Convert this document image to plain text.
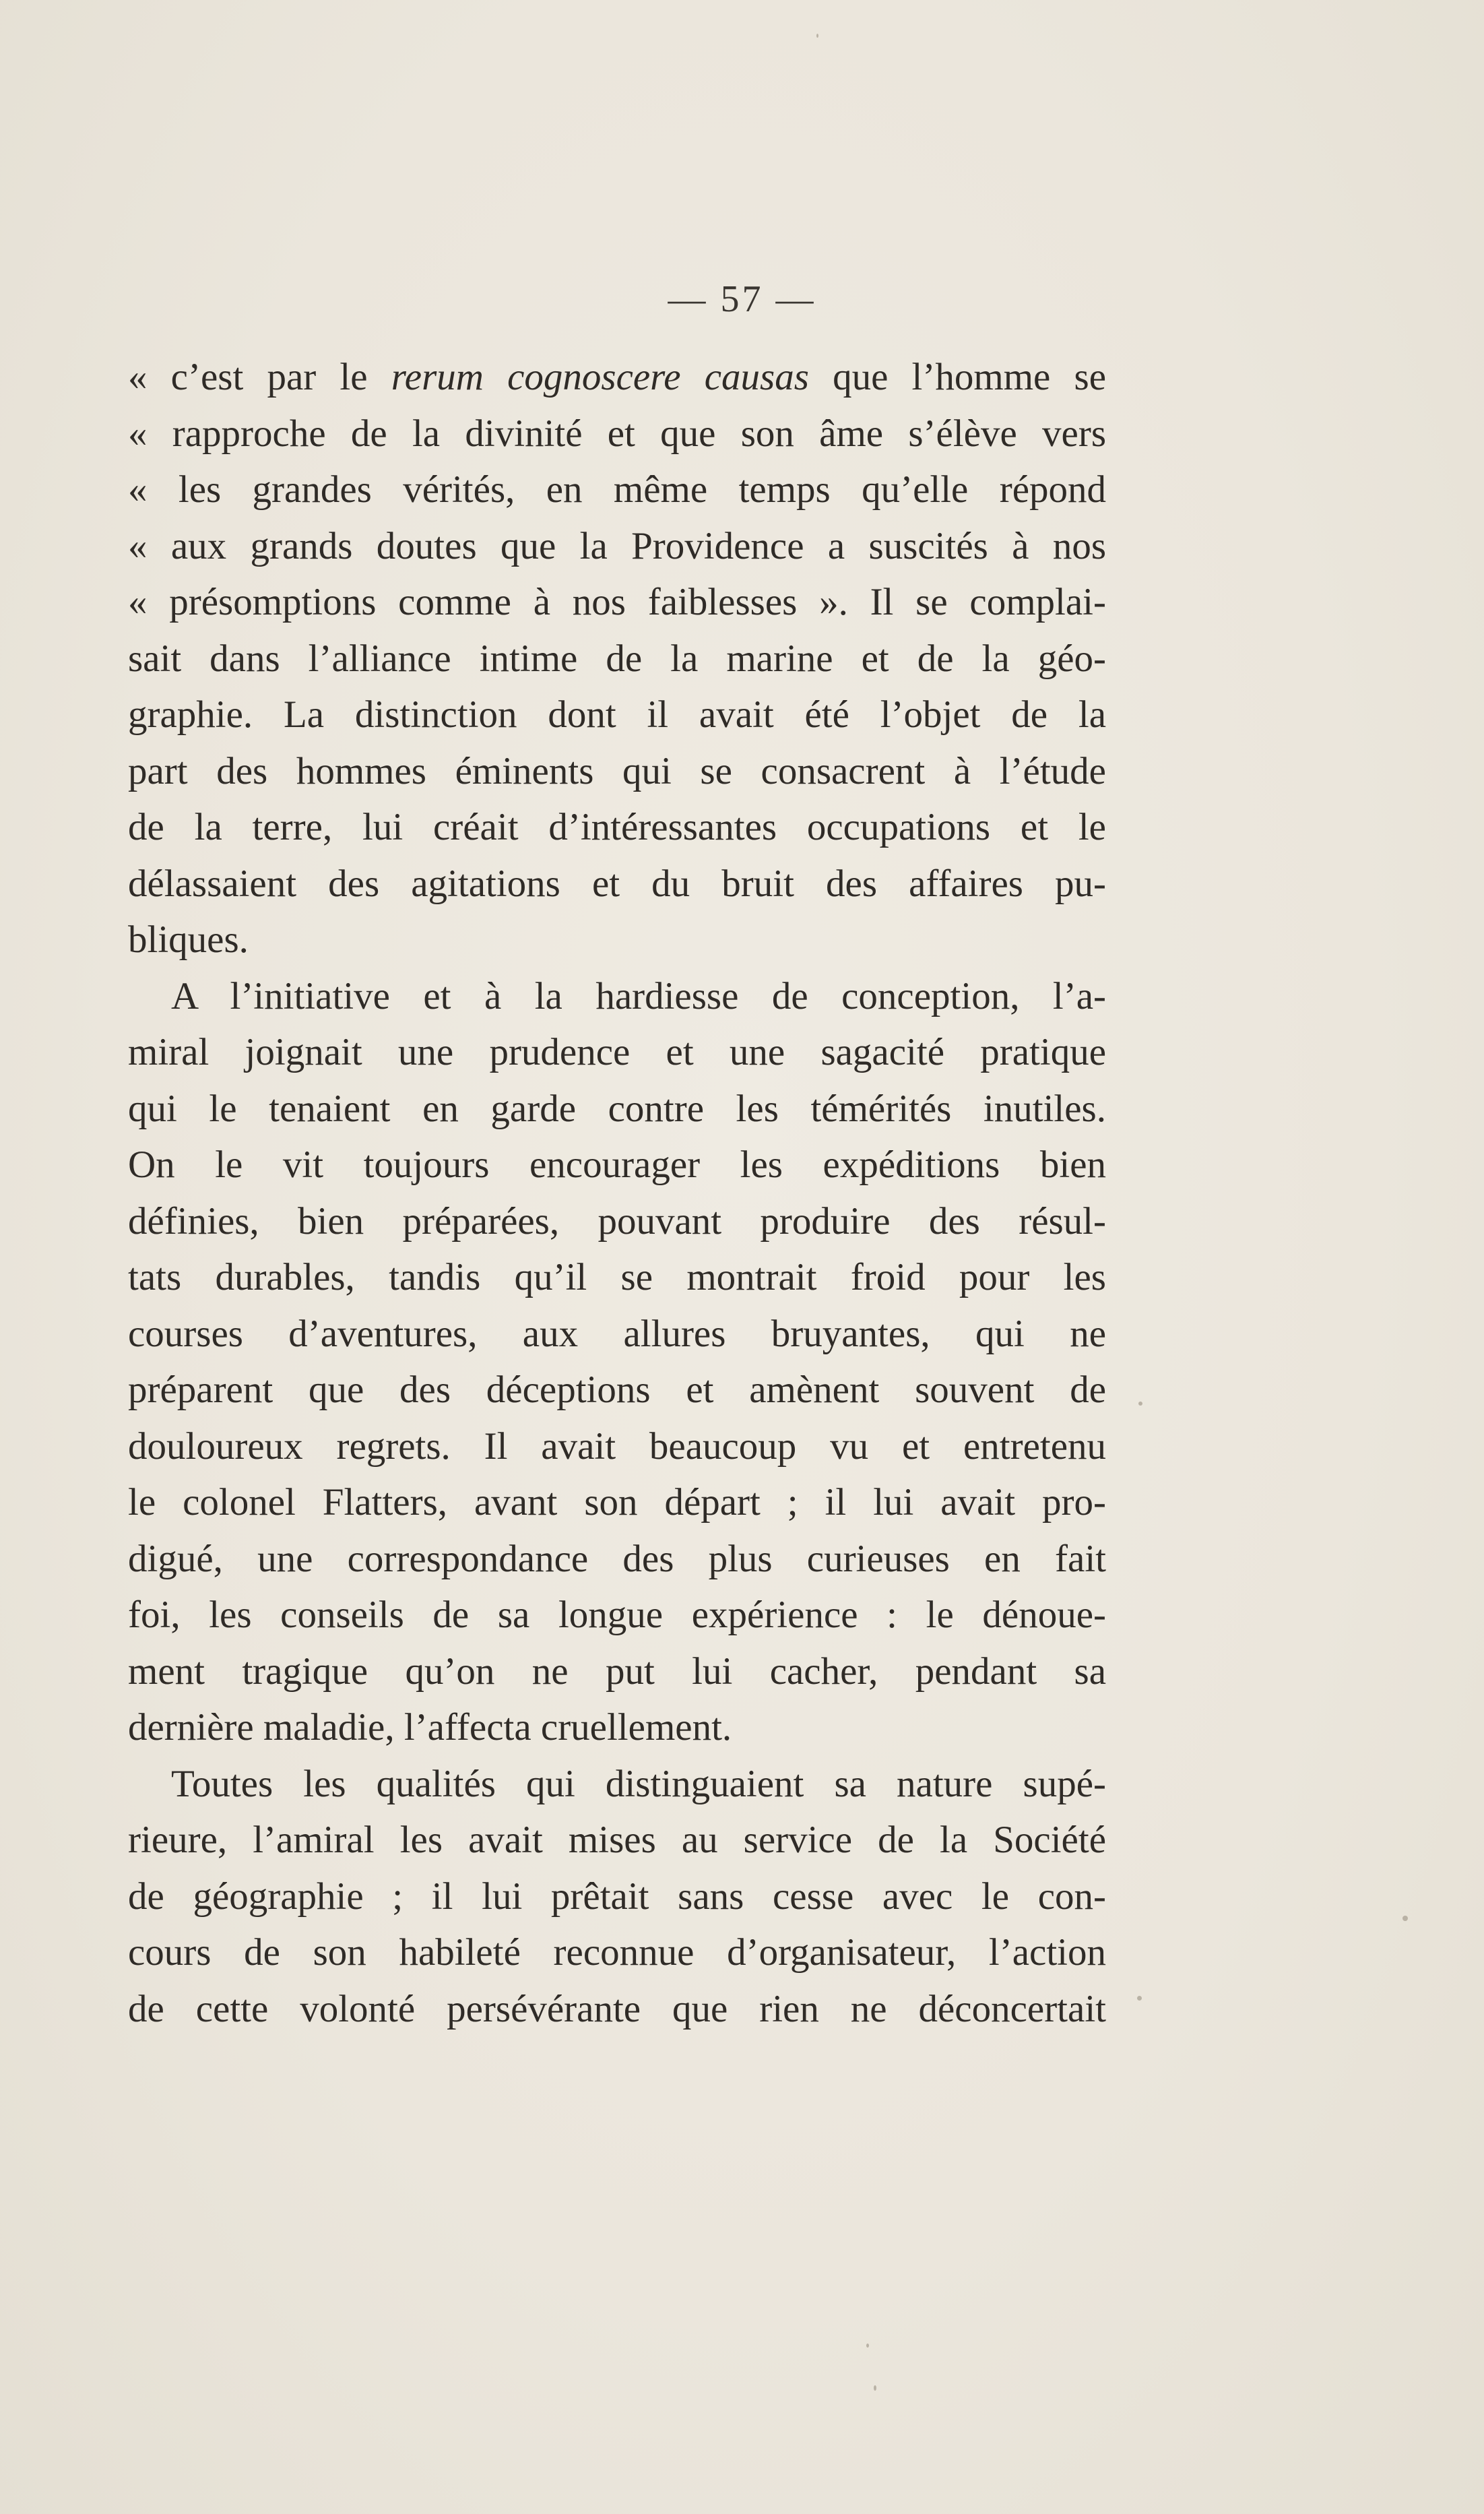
— 57 —
« c’est par le rerum cognoscere causas que l’homme se
« rapproche de la divinité et que son âme s’élève vers
« les grandes vérités, en même temps qu’elle répond
« aux grands doutes que la Providence a suscités à nos
« présomptions comme à nos faiblesses ». Il se complai-
sait dans l’alliance intime de la marine et de la géo-
graphie. La distinction dont il avait été l’objet de la
part des hommes éminents qui se consacrent à l’étude
de la terre, lui créait d’intéressantes occupations et le
délassaient des agitations et du bruit des affaires pu-
bliques.
A l’initiative et à la hardiesse de conception, l’a-
miral joignait une prudence et une sagacité pratique
qui le tenaient en garde contre les témérités inutiles.
On le vit toujours encourager les expéditions bien
définies, bien préparées, pouvant produire des résul-
tats durables, tandis qu’il se montrait froid pour les
courses d’aventures, aux allures bruyantes, qui ne
préparent que des déceptions et amènent souvent de
douloureux regrets. Il avait beaucoup vu et entretenu
le colonel Flatters, avant son départ ; il lui avait pro-
digué, une correspondance des plus curieuses en fait
foi, les conseils de sa longue expérience : le dénoue-
ment tragique qu’on ne put lui cacher, pendant sa
dernière maladie, l’affecta cruellement.
Toutes les qualités qui distinguaient sa nature supé-
rieure, l’amiral les avait mises au service de la Société
de géographie ; il lui prêtait sans cesse avec le con-
cours de son habileté reconnue d’organisateur, l’action
de cette volonté persévérante que rien ne déconcertait
